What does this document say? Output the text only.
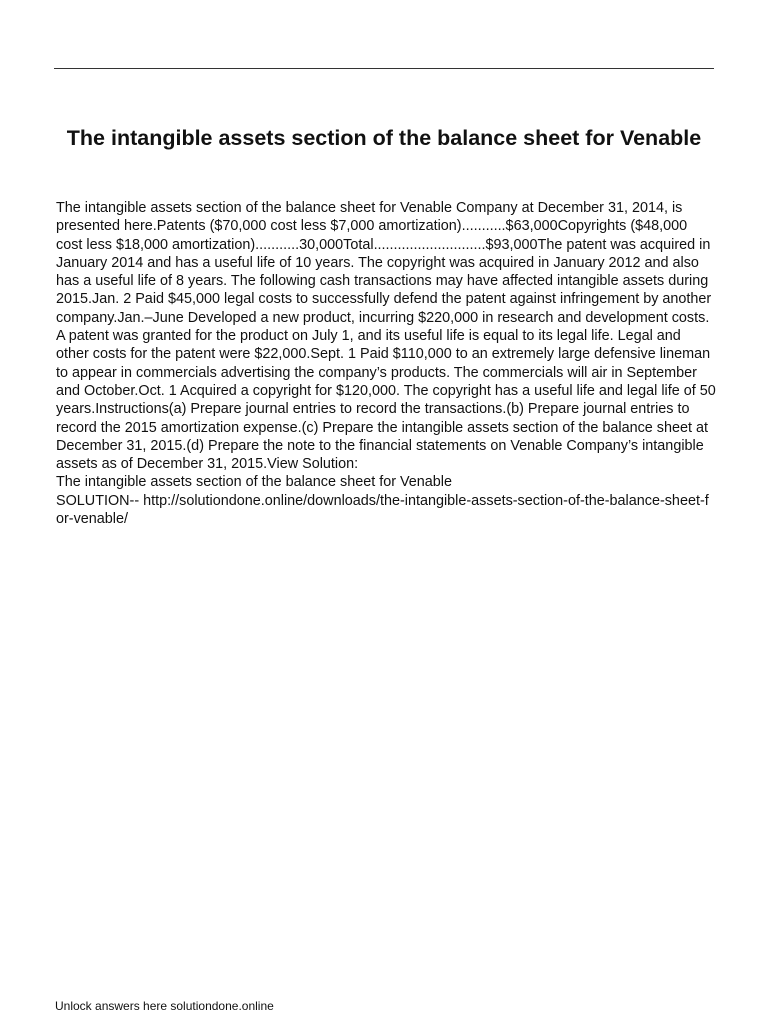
The intangible assets section of the balance sheet for Venable

The intangible assets section of the balance sheet for Venable Company at December 31, 2014, is presented here.Patents ($70,000 cost less $7,000 amortization)...........$63,000Copyrights ($48,000 cost less $18,000 amortization)...........30,000Total............................$93,000The patent was acquired in January 2014 and has a useful life of 10 years. The copyright was acquired in January 2012 and also has a useful life of 8 years. The following cash transactions may have affected intangible assets during 2015.Jan. 2 Paid $45,000 legal costs to successfully defend the patent against infringement by another company.Jan.–June Developed a new product, incurring $220,000 in research and development costs. A patent was granted for the product on July 1, and its useful life is equal to its legal life. Legal and other costs for the patent were $22,000.Sept. 1 Paid $110,000 to an extremely large defensive lineman to appear in commercials advertising the company’s products. The commercials will air in September and October.Oct. 1 Acquired a copyright for $120,000. The copyright has a useful life and legal life of 50 years.Instructions(a) Prepare journal entries to record the transactions.(b) Prepare journal entries to record the 2015 amortization expense.(c) Prepare the intangible assets section of the balance sheet at December 31, 2015.(d) Prepare the note to the financial statements on Venable Company’s intangible assets as of December 31, 2015.View Solution:

The intangible assets section of the balance sheet for Venable

SOLUTION-- http://solutiondone.online/downloads/the-intangible-assets-section-of-the-balance-sheet-for-venable/

Unlock answers here solutiondone.online
